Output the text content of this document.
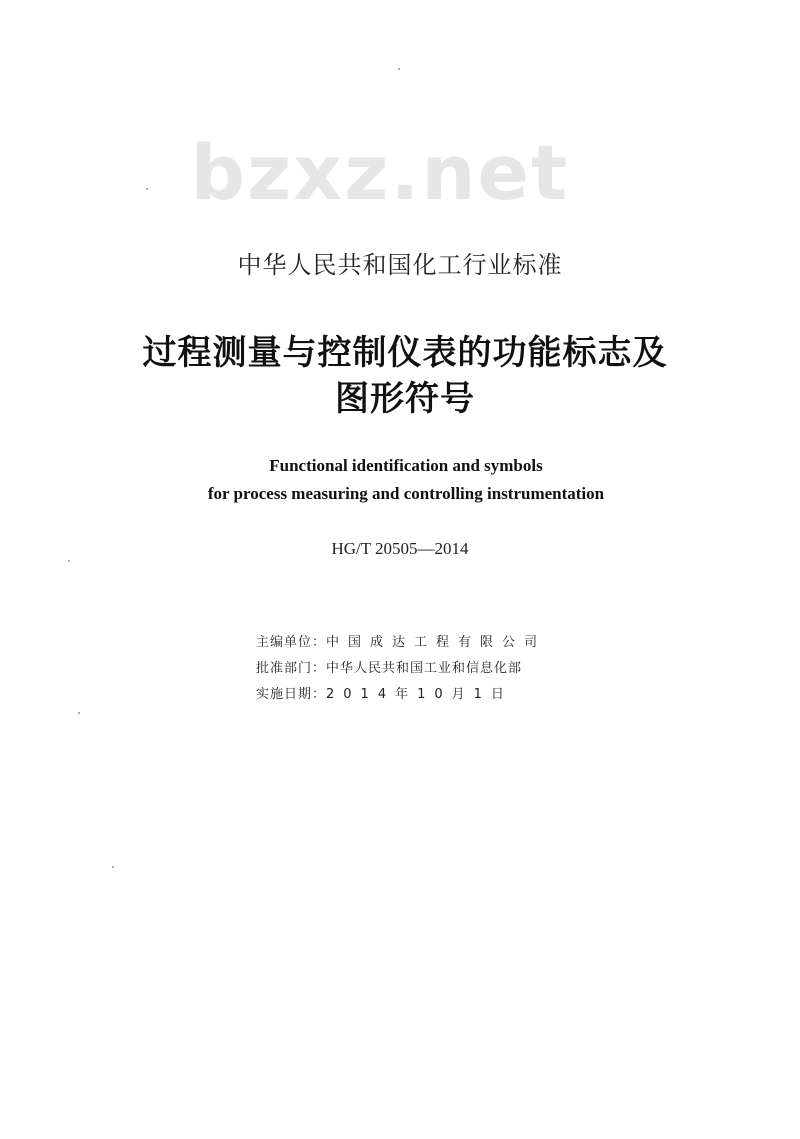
bzxz.net
中华人民共和国化工行业标准
过程测量与控制仪表的功能标志及
图形符号
Functional identification and symbols
for process measuring and controlling instrumentation
HG/T 20505—2014
主编单位：中国成达工程有限公司
批准部门：中华人民共和国工业和信息化部
实施日期：2014年10月1日
